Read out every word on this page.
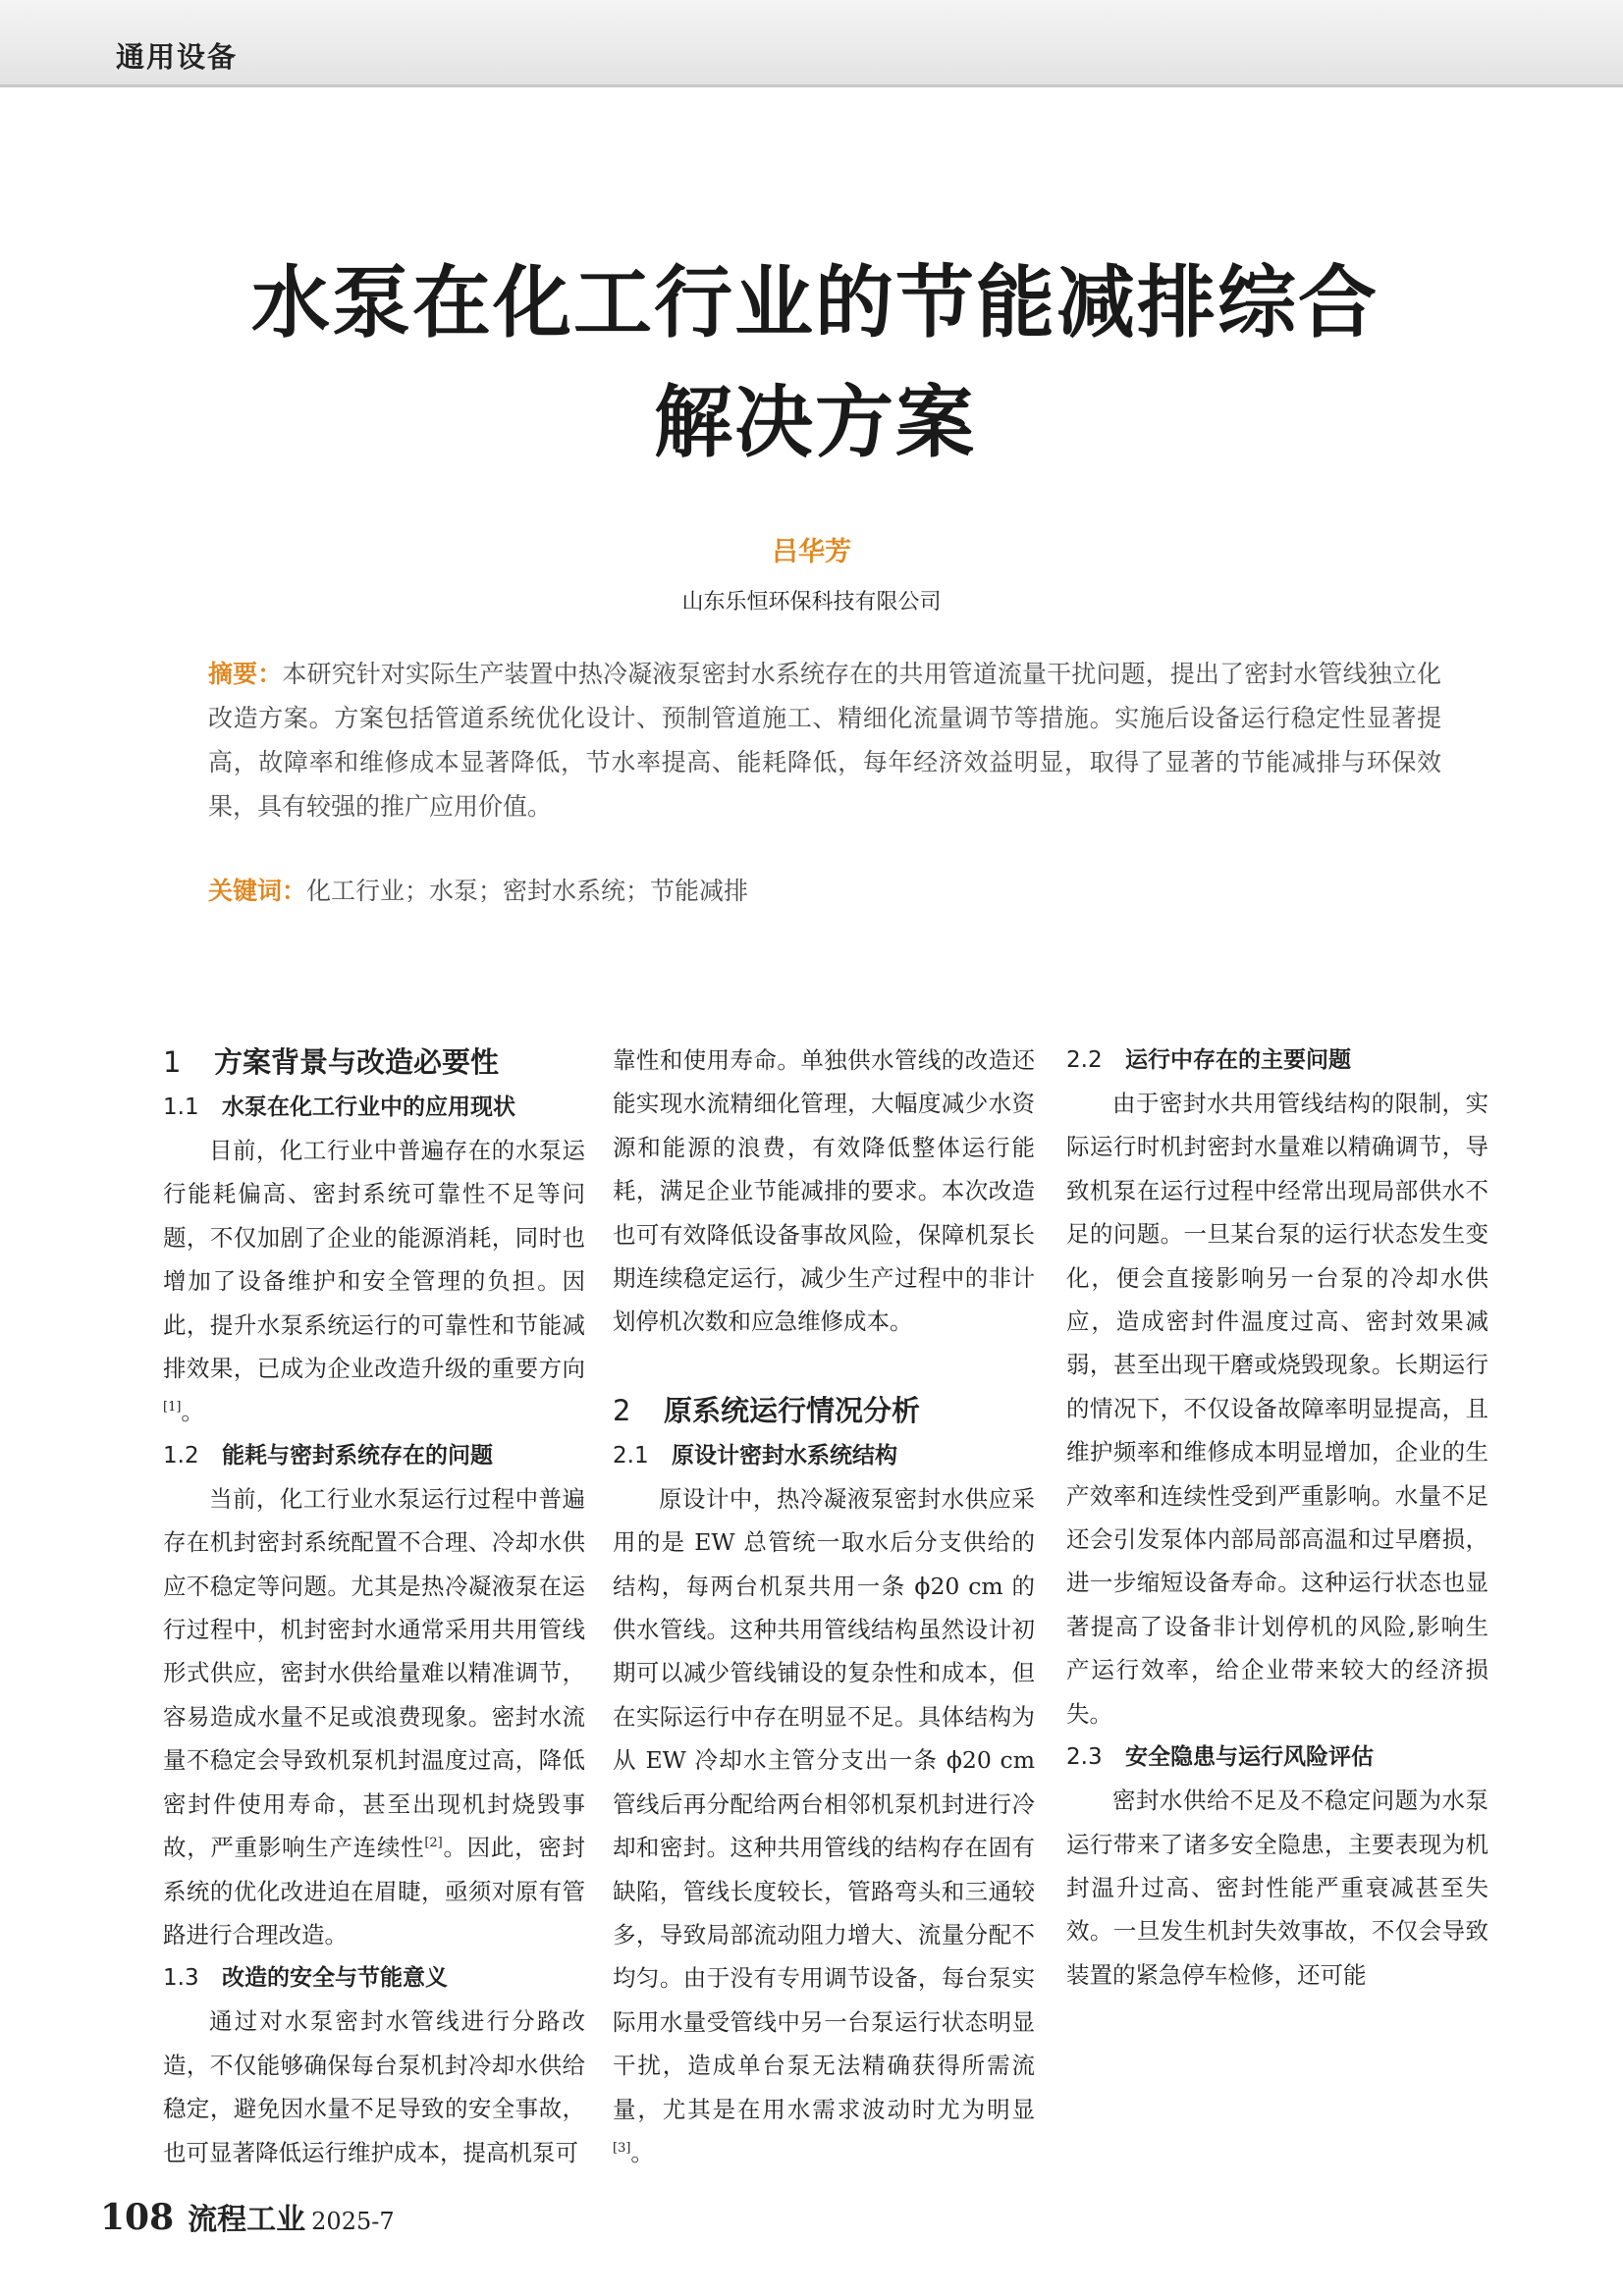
通用设备
水泵在化工行业的节能减排综合
解决方案
吕华芳
山东乐恒环保科技有限公司
摘要：本研究针对实际生产装置中热冷凝液泵密封水系统存在的共用管道流量干扰问题，提出了密封水管线独立化改造方案。方案包括管道系统优化设计、预制管道施工、精细化流量调节等措施。实施后设备运行稳定性显著提高，故障率和维修成本显著降低，节水率提高、能耗降低，每年经济效益明显，取得了显著的节能减排与环保效果，具有较强的推广应用价值。
关键词：化工行业；水泵；密封水系统；节能减排
1 方案背景与改造必要性
1.1 水泵在化工行业中的应用现状

目前，化工行业中普遍存在的水泵运行能耗偏高、密封系统可靠性不足等问题，不仅加剧了企业的能源消耗，同时也增加了设备维护和安全管理的负担。因此，提升水泵系统运行的可靠性和节能减排效果，已成为企业改造升级的重要方向[1]。

1.2 能耗与密封系统存在的问题

当前，化工行业水泵运行过程中普遍存在机封密封系统配置不合理、冷却水供应不稳定等问题。尤其是热冷凝液泵在运行过程中，机封密封水通常采用共用管线形式供应，密封水供给量难以精准调节，容易造成水量不足或浪费现象。密封水流量不稳定会导致机泵机封温度过高，降低密封件使用寿命，甚至出现机封烧毁事故，严重影响生产连续性[2]。因此，密封系统的优化改进迫在眉睫，亟须对原有管路进行合理改造。

1.3 改造的安全与节能意义

通过对水泵密封水管线进行分路改造，不仅能够确保每台泵机封冷却水供给稳定，避免因水量不足导致的安全事故，也可显著降低运行维护成本，提高机泵可

靠性和使用寿命。单独供水管线的改造还能实现水流精细化管理，大幅度减少水资源和能源的浪费，有效降低整体运行能耗，满足企业节能减排的要求。本次改造也可有效降低设备事故风险，保障机泵长期连续稳定运行，减少生产过程中的非计划停机次数和应急维修成本。

2 原系统运行情况分析
2.1 原设计密封水系统结构

原设计中，热冷凝液泵密封水供应采用的是 EW 总管统一取水后分支供给的结构，每两台机泵共用一条 ϕ20 cm 的供水管线。这种共用管线结构虽然设计初期可以减少管线铺设的复杂性和成本，但在实际运行中存在明显不足。具体结构为从 EW 冷却水主管分支出一条 ϕ20 cm 管线后再分配给两台相邻机泵机封进行冷却和密封。这种共用管线的结构存在固有缺陷，管线长度较长，管路弯头和三通较多，导致局部流动阻力增大、流量分配不均匀。由于没有专用调节设备，每台泵实际用水量受管线中另一台泵运行状态明显干扰，造成单台泵无法精确获得所需流量，尤其是在用水需求波动时尤为明显[3]。

2.2 运行中存在的主要问题

由于密封水共用管线结构的限制，实际运行时机封密封水量难以精确调节，导致机泵在运行过程中经常出现局部供水不足的问题。一旦某台泵的运行状态发生变化，便会直接影响另一台泵的冷却水供应，造成密封件温度过高、密封效果减弱，甚至出现干磨或烧毁现象。长期运行的情况下，不仅设备故障率明显提高，且维护频率和维修成本明显增加，企业的生产效率和连续性受到严重影响。水量不足还会引发泵体内部局部高温和过早磨损，进一步缩短设备寿命。这种运行状态也显著提高了设备非计划停机的风险,影响生产运行效率，给企业带来较大的经济损失。

2.3 安全隐患与运行风险评估

密封水供给不足及不稳定问题为水泵运行带来了诸多安全隐患，主要表现为机封温升过高、密封性能严重衰减甚至失效。一旦发生机封失效事故，不仅会导致装置的紧急停车检修，还可能

108 流程工业 2025-7
